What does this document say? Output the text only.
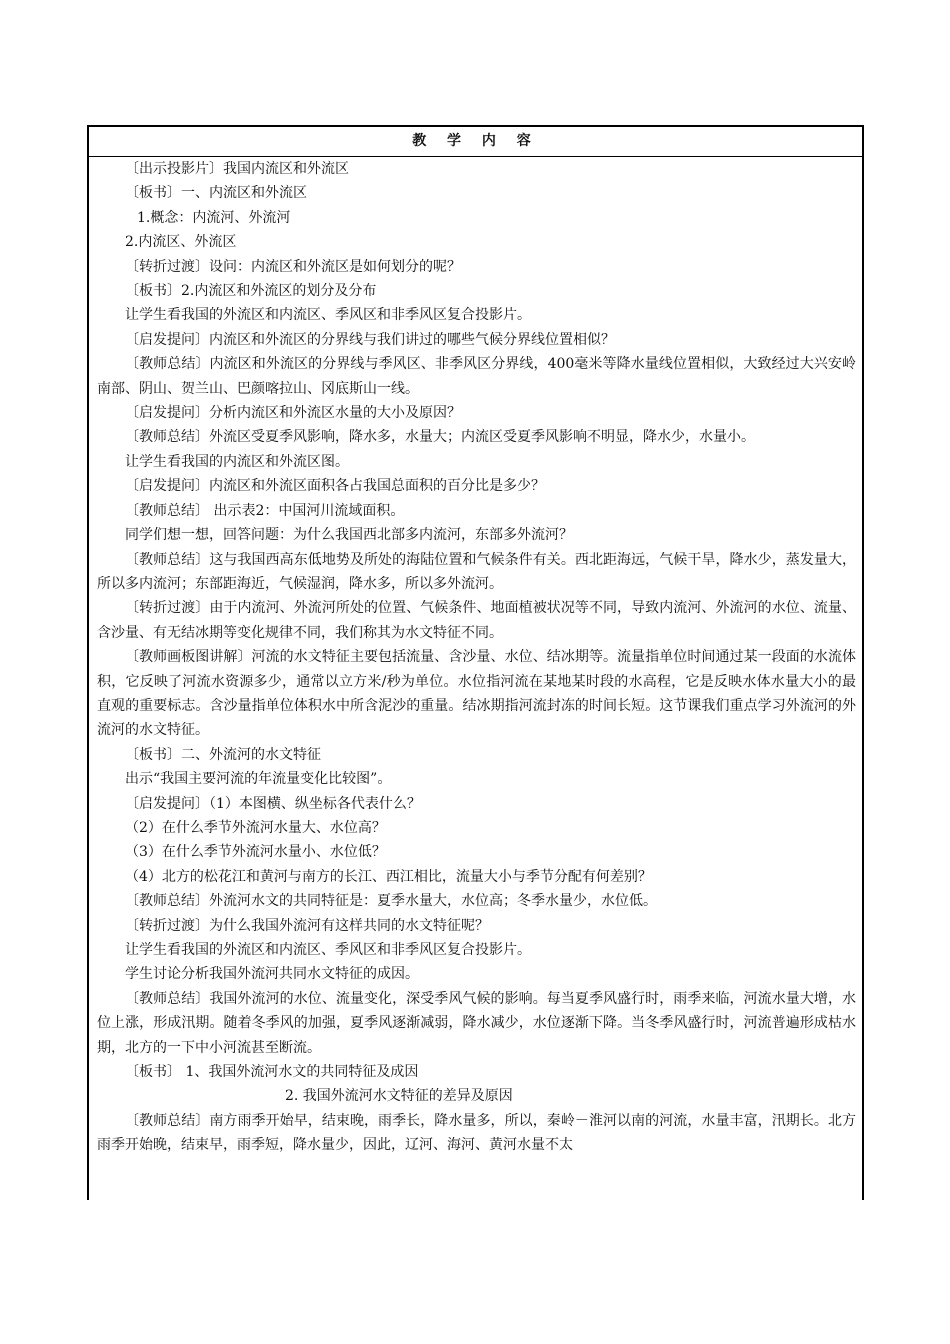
教 学 内 容

〔出示投影片〕我国内流区和外流区

〔板书〕一、内流区和外流区

1.概念：内流河、外流河

2.内流区、外流区

〔转折过渡〕设问：内流区和外流区是如何划分的呢？

〔板书〕2.内流区和外流区的划分及分布

让学生看我国的外流区和内流区、季风区和非季风区复合投影片。

〔启发提问〕内流区和外流区的分界线与我们讲过的哪些气候分界线位置相似？

〔教师总结〕内流区和外流区的分界线与季风区、非季风区分界线，400毫米等降水量线位置相似，大致经过大兴安岭南部、阴山、贺兰山、巴颜喀拉山、冈底斯山一线。

〔启发提问〕分析内流区和外流区水量的大小及原因？

〔教师总结〕外流区受夏季风影响，降水多，水量大；内流区受夏季风影响不明显，降水少，水量小。

让学生看我国的内流区和外流区图。

〔启发提问〕内流区和外流区面积各占我国总面积的百分比是多少？

〔教师总结〕 出示表2：中国河川流域面积。

同学们想一想，回答问题：为什么我国西北部多内流河，东部多外流河？

〔教师总结〕这与我国西高东低地势及所处的海陆位置和气候条件有关。西北距海远，气候干旱，降水少，蒸发量大，所以多内流河；东部距海近，气候湿润，降水多，所以多外流河。

〔转折过渡〕由于内流河、外流河所处的位置、气候条件、地面植被状况等不同，导致内流河、外流河的水位、流量、含沙量、有无结冰期等变化规律不同，我们称其为水文特征不同。

〔教师画板图讲解〕河流的水文特征主要包括流量、含沙量、水位、结冰期等。流量指单位时间通过某一段面的水流体积，它反映了河流水资源多少，通常以立方米/秒为单位。水位指河流在某地某时段的水高程，它是反映水体水量大小的最直观的重要标志。含沙量指单位体积水中所含泥沙的重量。结冰期指河流封冻的时间长短。这节课我们重点学习外流河的外流河的水文特征。

〔板书〕二、外流河的水文特征

出示“我国主要河流的年流量变化比较图”。

〔启发提问〕（1）本图横、纵坐标各代表什么？

（2）在什么季节外流河水量大、水位高？

（3）在什么季节外流河水量小、水位低？

（4）北方的松花江和黄河与南方的长江、西江相比，流量大小与季节分配有何差别？

〔教师总结〕外流河水文的共同特征是：夏季水量大，水位高；冬季水量少，水位低。

〔转折过渡〕为什么我国外流河有这样共同的水文特征呢？

让学生看我国的外流区和内流区、季风区和非季风区复合投影片。

学生讨论分析我国外流河共同水文特征的成因。

〔教师总结〕我国外流河的水位、流量变化，深受季风气候的影响。每当夏季风盛行时，雨季来临，河流水量大增，水位上涨，形成汛期。随着冬季风的加强，夏季风逐渐减弱，降水减少，水位逐渐下降。当冬季风盛行时，河流普遍形成枯水期，北方的一下中小河流甚至断流。

〔板书〕 1、我国外流河水文的共同特征及成因

2. 我国外流河水文特征的差异及原因

〔教师总结〕南方雨季开始早，结束晚，雨季长，降水量多，所以，秦岭－淮河以南的河流，水量丰富，汛期长。北方雨季开始晚，结束早，雨季短，降水量少，因此，辽河、海河、黄河水量不太
